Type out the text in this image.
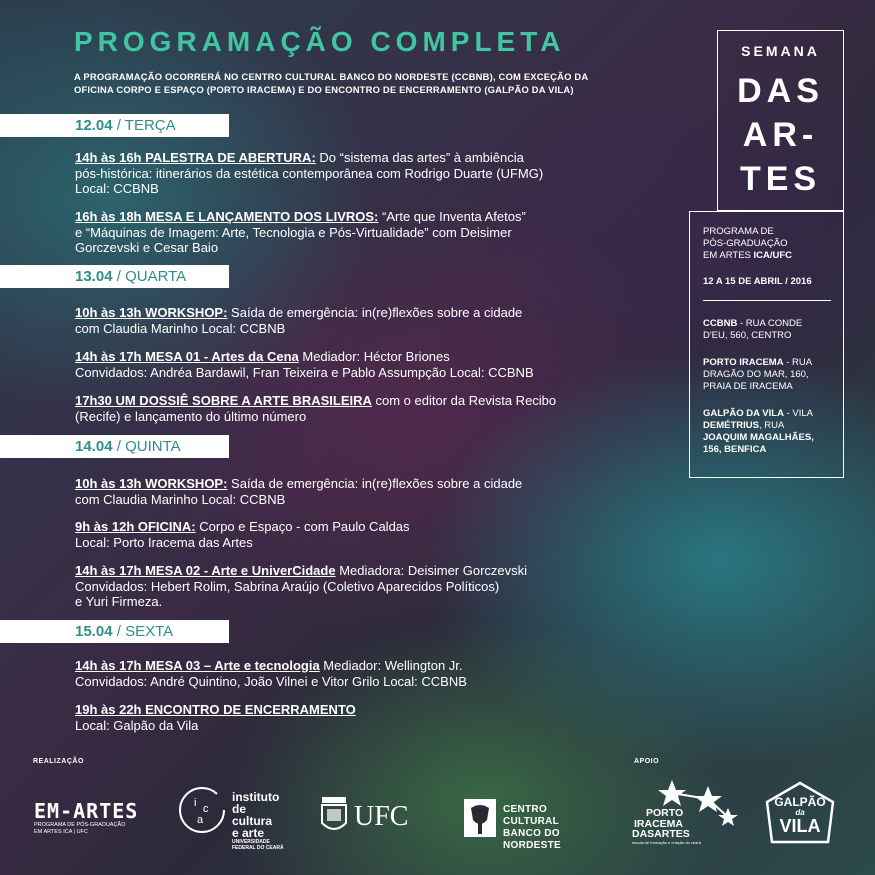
PROGRAMAÇÃO COMPLETA
A PROGRAMAÇÃO OCORRERÁ NO CENTRO CULTURAL BANCO DO NORDESTE (CCBNB), COM EXCEÇÃO DA
OFICINA CORPO E ESPAÇO (PORTO IRACEMA) E DO ENCONTRO DE ENCERRAMENTO (GALPÃO DA VILA)
12.04 / TERÇA
13.04 / QUARTA
14.04 / QUINTA
15.04 / SEXTA
14h às 16h PALESTRA DE ABERTURA: Do “sistema das artes” à ambiência
pós-histórica: itinerários da estética contemporânea com Rodrigo Duarte (UFMG)
Local: CCBNB
16h às 18h MESA E LANÇAMENTO DOS LIVROS: “Arte que Inventa Afetos”
e “Máquinas de Imagem: Arte, Tecnologia e Pós-Virtualidade” com Deisimer
Gorczevski e Cesar Baio
10h às 13h WORKSHOP: Saída de emergência: in(re)flexões sobre a cidade
com Claudia Marinho Local: CCBNB
14h às 17h MESA 01 - Artes da Cena Mediador: Héctor Briones
Convidados: Andréa Bardawil, Fran Teixeira e Pablo Assumpção Local: CCBNB
17h30 UM DOSSIÊ SOBRE A ARTE BRASILEIRA com o editor da Revista Recibo
(Recife) e lançamento do último número
10h às 13h WORKSHOP: Saída de emergência: in(re)flexões sobre a cidade
com Claudia Marinho Local: CCBNB
9h às 12h OFICINA: Corpo e Espaço - com Paulo Caldas
Local: Porto Iracema das Artes
14h às 17h MESA 02 - Arte e UniverCidade Mediadora: Deisimer Gorczevski
Convidados: Hebert Rolim, Sabrina Araújo (Coletivo Aparecidos Políticos)
e Yuri Firmeza.
14h às 17h MESA 03 – Arte e tecnologia Mediador: Wellington Jr.
Convidados: André Quintino, João Vilnei e Vitor Grilo Local: CCBNB
19h às 22h ENCONTRO DE ENCERRAMENTO
Local: Galpão da Vila
SEMANA
DAS
AR-
TES
PROGRAMA DE
PÓS-GRADUAÇÃO
EM ARTES ICA/UFC
12 A 15 DE ABRIL / 2016
CCBNB - RUA CONDE
D'EU, 560, CENTRO
PORTO IRACEMA - RUA
DRAGÃO DO MAR, 160,
PRAIA DE IRACEMA
GALPÃO DA VILA - VILA
DEMÉTRIUS, RUA
JOAQUIM MAGALHÃES,
156, BENFICA
REALIZAÇÃO	APOIO
EM-ARTES
PROGRAMA DE PÓS-GRADUAÇÃO
EM ARTES ICA | UFC
i c
a
instituto
de cultura
e arte
UNIVERSIDADE
FEDERAL DO CEARÁ
UFC	CENTRO CULTURAL
BANCO DO NORDESTE
PORTO
IRACEMA
DASARTES
escola de formação e criação do ceará
GALPÃO
da
VILA
